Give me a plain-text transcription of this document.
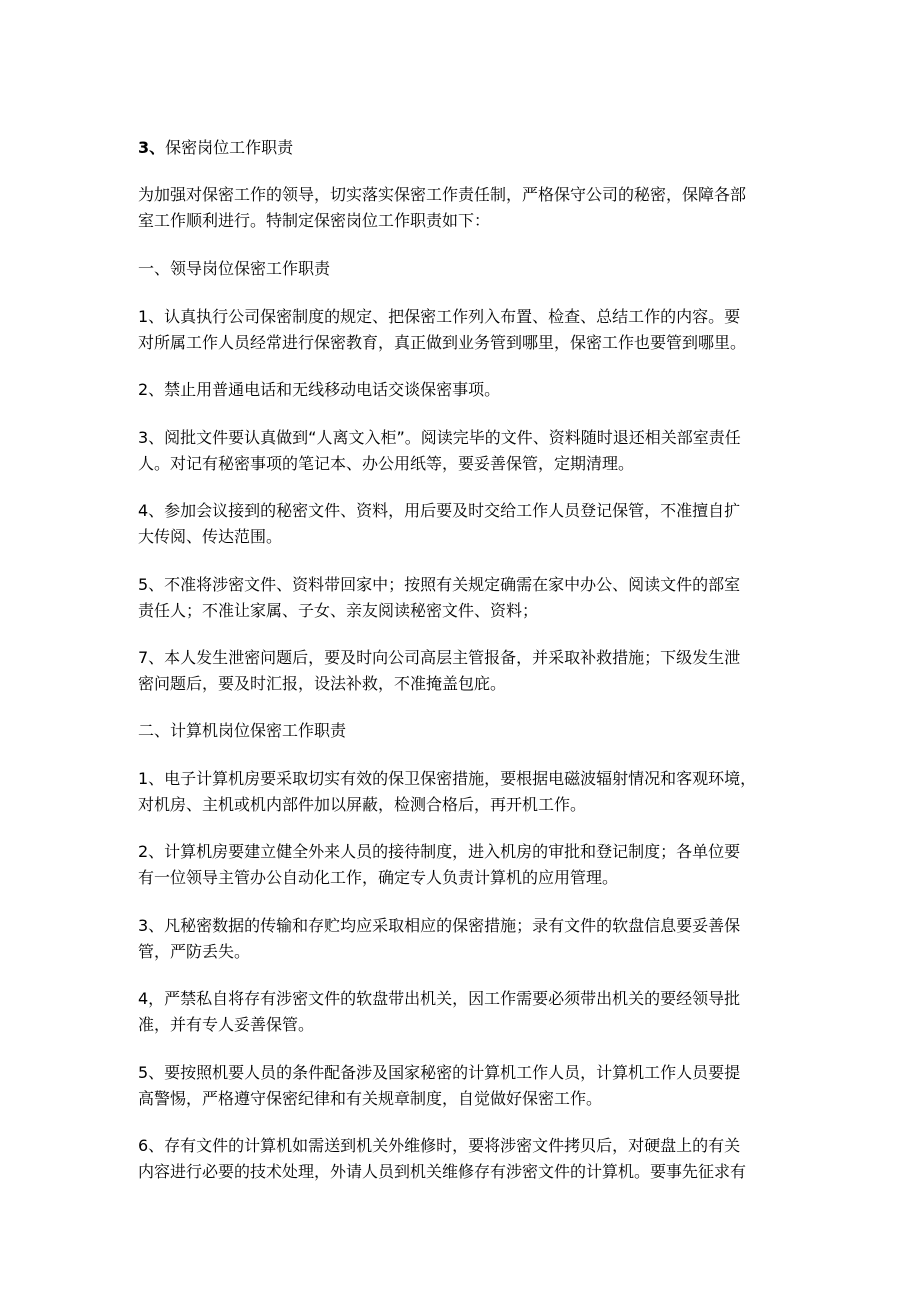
3、保密岗位工作职责
为加强对保密工作的领导，切实落实保密工作责任制，严格保守公司的秘密，保障各部
室工作顺利进行。特制定保密岗位工作职责如下：
一、领导岗位保密工作职责
1、认真执行公司保密制度的规定、把保密工作列入布置、检查、总结工作的内容。要
对所属工作人员经常进行保密教育，真正做到业务管到哪里，保密工作也要管到哪里。
2、禁止用普通电话和无线移动电话交谈保密事项。
3、阅批文件要认真做到“人离文入柜”。阅读完毕的文件、资料随时退还相关部室责任
人。对记有秘密事项的笔记本、办公用纸等，要妥善保管，定期清理。
4、参加会议接到的秘密文件、资料，用后要及时交给工作人员登记保管，不准擅自扩
大传阅、传达范围。
5、不准将涉密文件、资料带回家中；按照有关规定确需在家中办公、阅读文件的部室
责任人；不准让家属、子女、亲友阅读秘密文件、资料；
7、本人发生泄密问题后，要及时向公司高层主管报备，并采取补救措施；下级发生泄
密问题后，要及时汇报，设法补救，不准掩盖包庇。
二、计算机岗位保密工作职责
1、电子计算机房要采取切实有效的保卫保密措施，要根据电磁波辐射情况和客观环境，
对机房、主机或机内部件加以屏蔽，检测合格后，再开机工作。
2、计算机房要建立健全外来人员的接待制度，进入机房的审批和登记制度；各单位要
有一位领导主管办公自动化工作，确定专人负责计算机的应用管理。
3、凡秘密数据的传输和存贮均应采取相应的保密措施；录有文件的软盘信息要妥善保
管，严防丢失。
4，严禁私自将存有涉密文件的软盘带出机关，因工作需要必须带出机关的要经领导批
准，并有专人妥善保管。
5、要按照机要人员的条件配备涉及国家秘密的计算机工作人员，计算机工作人员要提
高警惕，严格遵守保密纪律和有关规章制度，自觉做好保密工作。
6、存有文件的计算机如需送到机关外维修时，要将涉密文件拷贝后，对硬盘上的有关
内容进行必要的技术处理，外请人员到机关维修存有涉密文件的计算机。要事先征求有
